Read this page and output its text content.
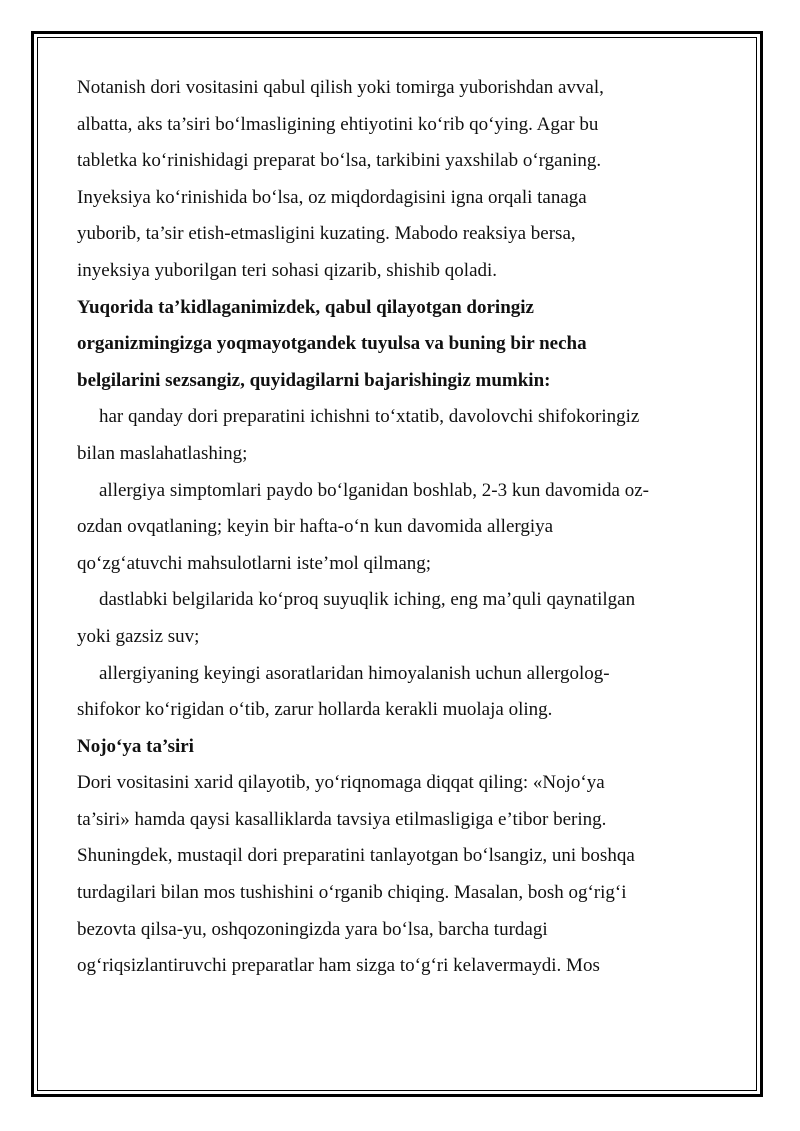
Notanish dori vositasini qabul qilish yoki tomirga yuborishdan avval,
albatta, aks ta’siri bo‘lmasligining ehtiyotini ko‘rib qo‘ying. Agar bu
tabletka ko‘rinishidagi preparat bo‘lsa, tarkibini yaxshilab o‘rganing.
Inyeksiya ko‘rinishida bo‘lsa, oz miqdordagisini igna orqali tanaga
yuborib, ta’sir etish-etmasligini kuzating. Mabodo reaksiya bersa,
inyeksiya yuborilgan teri sohasi qizarib, shishib qoladi.
Yuqorida ta’kidlaganimizdek, qabul qilayotgan doringiz
organizmingizga yoqmayotgandek tuyulsa va buning bir necha
belgilarini sezsangiz, quyidagilarni bajarishingiz mumkin:
har qanday dori preparatini ichishni to‘xtatib, davolovchi shifokoringiz
bilan maslahatlashing;
allergiya simptomlari paydo bo‘lganidan boshlab, 2-3 kun davomida oz-
ozdan ovqatlaning; keyin bir hafta-o‘n kun davomida allergiya
qo‘zg‘atuvchi mahsulotlarni iste’mol qilmang;
dastlabki belgilarida ko‘proq suyuqlik iching, eng ma’quli qaynatilgan
yoki gazsiz suv;
allergiyaning keyingi asoratlaridan himoyalanish uchun allergolog-
shifokor ko‘rigidan o‘tib, zarur hollarda kerakli muolaja oling.
Nojo‘ya ta’siri
Dori vositasini xarid qilayotib, yo‘riqnomaga diqqat qiling: «Nojo‘ya
ta’siri» hamda qaysi kasalliklarda tavsiya etilmasligiga e’tibor bering.
Shuningdek, mustaqil dori preparatini tanlayotgan bo‘lsangiz, uni boshqa
turdagilari bilan mos tushishini o‘rganib chiqing. Masalan, bosh og‘rig‘i
bezovta qilsa-yu, oshqozoningizda yara bo‘lsa, barcha turdagi
og‘riqsizlantiruvchi preparatlar ham sizga to‘g‘ri kelavermaydi. Mos
